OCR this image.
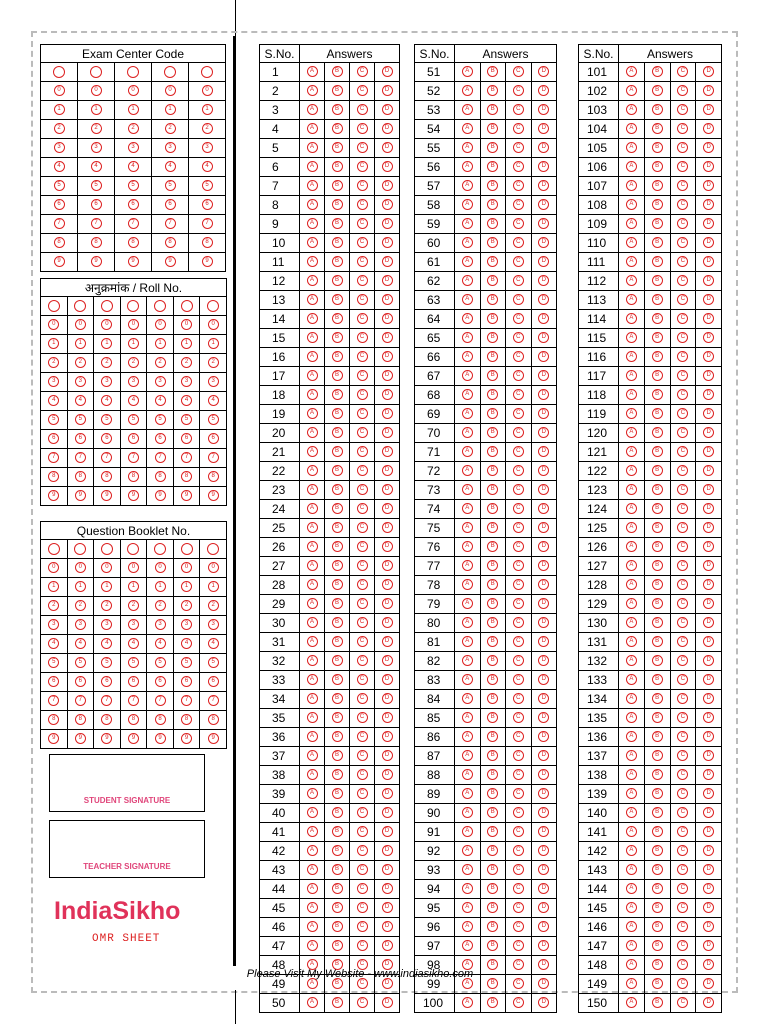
Exam Center Code				

0	0	0	0	0
1	1	1	1	1
2	2	2	2	2
3	3	3	3	3
4	4	4	4	4
5	5	5	5	5
6	6	6	6	6
7	7	7	7	7
8	8	8	8	8
9	9	9	9	9
अनुक्रमांक / Roll No.						

0	0	0	0	0	0	0
1	1	1	1	1	1	1
2	2	2	2	2	2	2
3	3	3	3	3	3	3
4	4	4	4	4	4	4
5	5	5	5	5	5	5
6	6	6	6	6	6	6
7	7	7	7	7	7	7
8	8	8	8	8	8	8
9	9	9	9	9	9	9
Question Booklet No.						

0	0	0	0	0	0	0
1	1	1	1	1	1	1
2	2	2	2	2	2	2
3	3	3	3	3	3	3
4	4	4	4	4	4	4
5	5	5	5	5	5	5
6	6	6	6	6	6	6
7	7	7	7	7	7	7
8	8	8	8	8	8	8
9	9	9	9	9	9	9
S.No.	Answers			
1	A	B	C	D
2	A	B	C	D
3	A	B	C	D
4	A	B	C	D
5	A	B	C	D
6	A	B	C	D
7	A	B	C	D
8	A	B	C	D
9	A	B	C	D
10	A	B	C	D
11	A	B	C	D
12	A	B	C	D
13	A	B	C	D
14	A	B	C	D
15	A	B	C	D
16	A	B	C	D
17	A	B	C	D
18	A	B	C	D
19	A	B	C	D
20	A	B	C	D
21	A	B	C	D
22	A	B	C	D
23	A	B	C	D
24	A	B	C	D
25	A	B	C	D
26	A	B	C	D
27	A	B	C	D
28	A	B	C	D
29	A	B	C	D
30	A	B	C	D
31	A	B	C	D
32	A	B	C	D
33	A	B	C	D
34	A	B	C	D
35	A	B	C	D
36	A	B	C	D
37	A	B	C	D
38	A	B	C	D
39	A	B	C	D
40	A	B	C	D
41	A	B	C	D
42	A	B	C	D
43	A	B	C	D
44	A	B	C	D
45	A	B	C	D
46	A	B	C	D
47	A	B	C	D
48	A	B	C	D
49	A	B	C	D
50	A	B	C	D
S.No.	Answers			
51	A	B	C	D
52	A	B	C	D
53	A	B	C	D
54	A	B	C	D
55	A	B	C	D
56	A	B	C	D
57	A	B	C	D
58	A	B	C	D
59	A	B	C	D
60	A	B	C	D
61	A	B	C	D
62	A	B	C	D
63	A	B	C	D
64	A	B	C	D
65	A	B	C	D
66	A	B	C	D
67	A	B	C	D
68	A	B	C	D
69	A	B	C	D
70	A	B	C	D
71	A	B	C	D
72	A	B	C	D
73	A	B	C	D
74	A	B	C	D
75	A	B	C	D
76	A	B	C	D
77	A	B	C	D
78	A	B	C	D
79	A	B	C	D
80	A	B	C	D
81	A	B	C	D
82	A	B	C	D
83	A	B	C	D
84	A	B	C	D
85	A	B	C	D
86	A	B	C	D
87	A	B	C	D
88	A	B	C	D
89	A	B	C	D
90	A	B	C	D
91	A	B	C	D
92	A	B	C	D
93	A	B	C	D
94	A	B	C	D
95	A	B	C	D
96	A	B	C	D
97	A	B	C	D
98	A	B	C	D
99	A	B	C	D
100	A	B	C	D
S.No.	Answers			
101	A	B	C	D
102	A	B	C	D
103	A	B	C	D
104	A	B	C	D
105	A	B	C	D
106	A	B	C	D
107	A	B	C	D
108	A	B	C	D
109	A	B	C	D
110	A	B	C	D
111	A	B	C	D
112	A	B	C	D
113	A	B	C	D
114	A	B	C	D
115	A	B	C	D
116	A	B	C	D
117	A	B	C	D
118	A	B	C	D
119	A	B	C	D
120	A	B	C	D
121	A	B	C	D
122	A	B	C	D
123	A	B	C	D
124	A	B	C	D
125	A	B	C	D
126	A	B	C	D
127	A	B	C	D
128	A	B	C	D
129	A	B	C	D
130	A	B	C	D
131	A	B	C	D
132	A	B	C	D
133	A	B	C	D
134	A	B	C	D
135	A	B	C	D
136	A	B	C	D
137	A	B	C	D
138	A	B	C	D
139	A	B	C	D
140	A	B	C	D
141	A	B	C	D
142	A	B	C	D
143	A	B	C	D
144	A	B	C	D
145	A	B	C	D
146	A	B	C	D
147	A	B	C	D
148	A	B	C	D
149	A	B	C	D
150	A	B	C	D
STUDENT SIGNATURE
TEACHER SIGNATURE
IndiaSikho
OMR SHEET
Please Visit My Website - www.indiasikho.com
